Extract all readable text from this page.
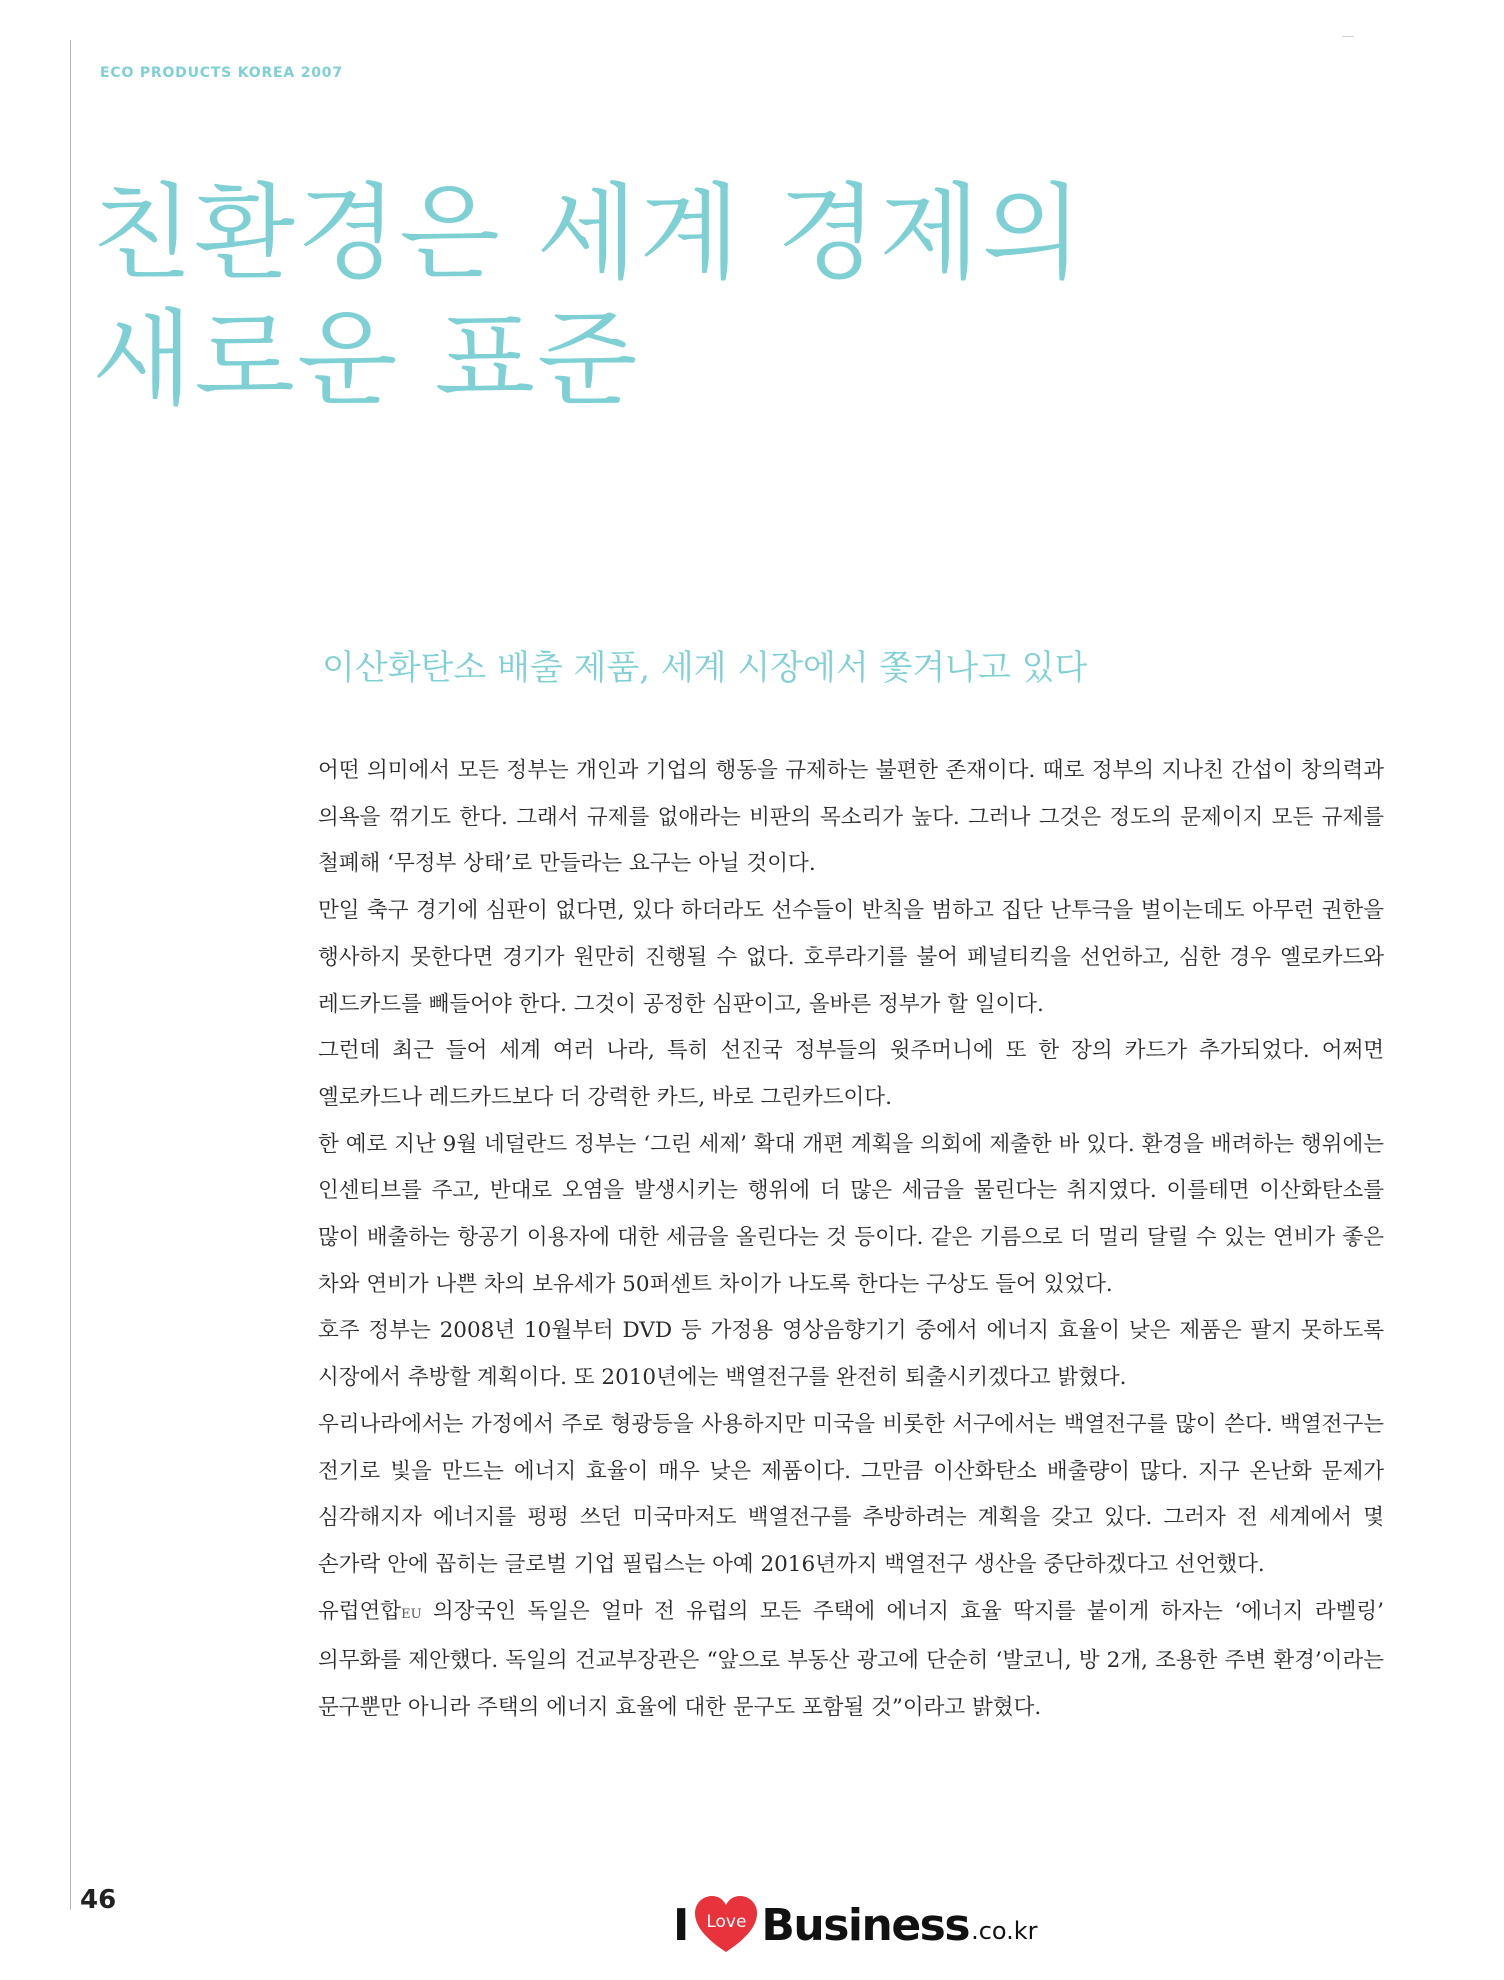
ECO PRODUCTS KOREA 2007
친환경은 세계 경제의
새로운 표준
이산화탄소 배출 제품, 세계 시장에서 쫓겨나고 있다

어떤 의미에서 모든 정부는 개인과 기업의 행동을 규제하는 불편한 존재이다. 때로 정부의 지나친 간섭이 창의력과 의욕을 꺾기도 한다. 그래서 규제를 없애라는 비판의 목소리가 높다. 그러나 그것은 정도의 문제이지 모든 규제를 철폐해 ‘무정부 상태’로 만들라는 요구는 아닐 것이다.

만일 축구 경기에 심판이 없다면, 있다 하더라도 선수들이 반칙을 범하고 집단 난투극을 벌이는데도 아무런 권한을 행사하지 못한다면 경기가 원만히 진행될 수 없다. 호루라기를 불어 페널티킥을 선언하고, 심한 경우 옐로카드와 레드카드를 빼들어야 한다. 그것이 공정한 심판이고, 올바른 정부가 할 일이다.

그런데 최근 들어 세계 여러 나라, 특히 선진국 정부들의 윗주머니에 또 한 장의 카드가 추가되었다. 어쩌면 옐로카드나 레드카드보다 더 강력한 카드, 바로 그린카드이다.

한 예로 지난 9월 네덜란드 정부는 ‘그린 세제’ 확대 개편 계획을 의회에 제출한 바 있다. 환경을 배려하는 행위에는 인센티브를 주고, 반대로 오염을 발생시키는 행위에 더 많은 세금을 물린다는 취지였다. 이를테면 이산화탄소를 많이 배출하는 항공기 이용자에 대한 세금을 올린다는 것 등이다. 같은 기름으로 더 멀리 달릴 수 있는 연비가 좋은 차와 연비가 나쁜 차의 보유세가 50퍼센트 차이가 나도록 한다는 구상도 들어 있었다.

호주 정부는 2008년 10월부터 DVD 등 가정용 영상음향기기 중에서 에너지 효율이 낮은 제품은 팔지 못하도록 시장에서 추방할 계획이다. 또 2010년에는 백열전구를 완전히 퇴출시키겠다고 밝혔다.

우리나라에서는 가정에서 주로 형광등을 사용하지만 미국을 비롯한 서구에서는 백열전구를 많이 쓴다. 백열전구는 전기로 빛을 만드는 에너지 효율이 매우 낮은 제품이다. 그만큼 이산화탄소 배출량이 많다. 지구 온난화 문제가 심각해지자 에너지를 펑펑 쓰던 미국마저도 백열전구를 추방하려는 계획을 갖고 있다. 그러자 전 세계에서 몇 손가락 안에 꼽히는 글로벌 기업 필립스는 아예 2016년까지 백열전구 생산을 중단하겠다고 선언했다.

유럽연합EU 의장국인 독일은 얼마 전 유럽의 모든 주택에 에너지 효율 딱지를 붙이게 하자는 ‘에너지 라벨링’ 의무화를 제안했다. 독일의 건교부장관은 “앞으로 부동산 광고에 단순히 ‘발코니, 방 2개, 조용한 주변 환경’이라는 문구뿐만 아니라 주택의 에너지 효율에 대한 문구도 포함될 것”이라고 밝혔다.

46	I Love Business .co.kr
